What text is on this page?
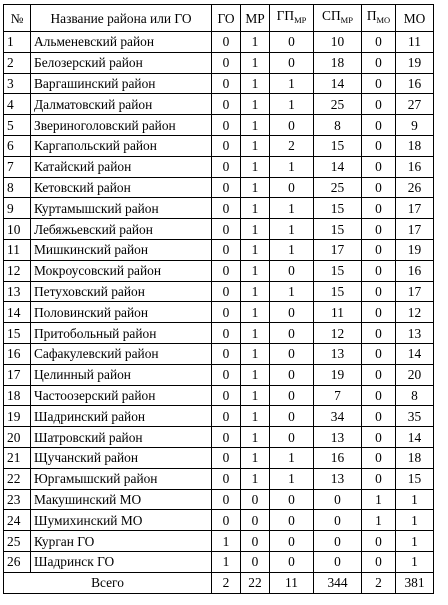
№	Название района или ГО	ГО	МР	$ГП_{МР}$	$СП_{МР}$	$П_{МО}$	МО
1	Альменевский район	0	1	0	10	0	11
2	Белозерский район	0	1	0	18	0	19
3	Варгашинский район	0	1	1	14	0	16
4	Далматовский район	0	1	1	25	0	27
5	Звериноголовский район	0	1	0	8	0	9
6	Каргапольский район	0	1	2	15	0	18
7	Катайский район	0	1	1	14	0	16
8	Кетовский район	0	1	0	25	0	26
9	Куртамышский район	0	1	1	15	0	17
10	Лебяжьевский район	0	1	1	15	0	17
11	Мишкинский район	0	1	1	17	0	19
12	Мокроусовский район	0	1	0	15	0	16
13	Петуховский район	0	1	1	15	0	17
14	Половинский район	0	1	0	11	0	12
15	Притобольный район	0	1	0	12	0	13
16	Сафакулевский район	0	1	0	13	0	14
17	Целинный район	0	1	0	19	0	20
18	Частоозерский район	0	1	0	7	0	8
19	Шадринский район	0	1	0	34	0	35
20	Шатровский район	0	1	0	13	0	14
21	Щучанский район	0	1	1	16	0	18
22	Юргамышский район	0	1	1	13	0	15
23	Макушинский МО	0	0	0	0	1	1
24	Шумихинский МО	0	0	0	0	1	1
25	Курган ГО	1	0	0	0	0	1
26	Шадринск ГО	1	0	0	0	0	1
Всего		2	22	11	344	2	381
